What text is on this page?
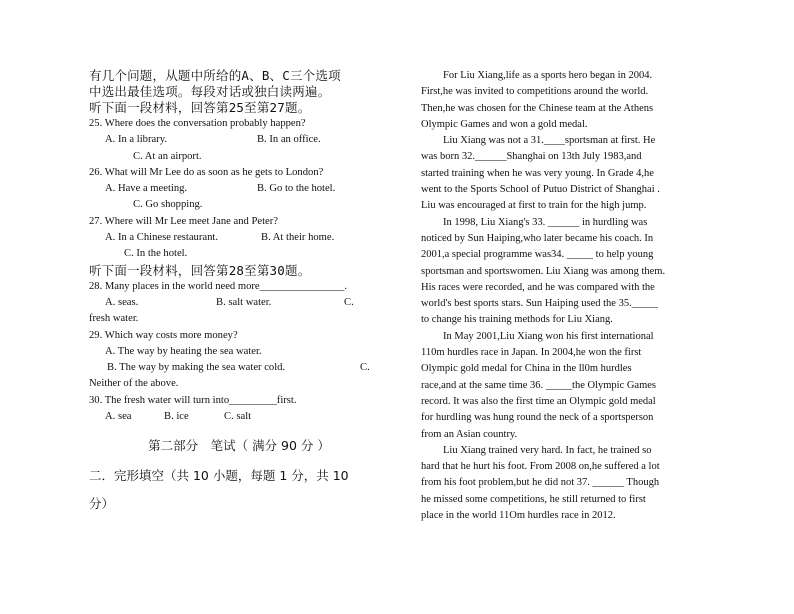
有几个问题，从题中所给的A、B、C三个选项
中选出最佳选项。每段对话或独白读两遍。
听下面一段材料，回答第25至第27题。
25. Where does the conversation probably happen?
A. In a library.	B. In an office.
C. At an airport.
26. What will Mr Lee do as soon as he gets to London?
A. Have a meeting.	B. Go to the hotel.
C. Go shopping.
27. Where will Mr Lee meet Jane and Peter?
A. In a Chinese restaurant.	B. At their home.
C. In the hotel.
听下面一段材料，回答第28至第30题。
28. Many places in the world need more________________.
A. seas.	B. salt water.	C.
fresh water.
29. Which way costs more money?
A. The way by heating the sea water.
B. The way by making the sea water cold.	C.
Neither of the above.
30. The fresh water will turn into_________first.
A. sea	B. ice	C. salt
第二部分　笔试（ 满分 90 分 ）
二．完形填空（共 10 小题，每题 1 分，共 10
分）
For Liu Xiang,life as a sports hero began in 2004.
First,he was invited to competitions around the world.
Then,he was chosen for the Chinese team at the Athens
Olympic Games and won a gold medal.
Liu Xiang was not a 31.____sportsman at first. He
was born 32.______Shanghai on 13th July 1983,and
started training when he was very young. In Grade 4,he
went to the Sports School of Putuo District of Shanghai .
Liu was encouraged at first to train for the high jump.
In 1998, Liu Xiang's 33. ______ in hurdling was
noticed by Sun Haiping,who later became his coach. In
2001,a special programme was34. _____ to help young
sportsman and sportswomen. Liu Xiang was among them.
His races were recorded, and he was compared with the
world's best sports stars. Sun Haiping used the 35._____
to change his training methods for Liu Xiang.
In May 2001,Liu Xiang won his first international
110m hurdles race in Japan. In 2004,he won the first
Olympic gold medal for China in the ll0m hurdles
race,and at the same time 36. _____the Olympic Games
record. It was also the first time an Olympic gold medal
for hurdling was hung round the neck of a sportsperson
from an Asian country.
Liu Xiang trained very hard. In fact, he trained so
hard that he hurt his foot. From 2008 on,he suffered a lot
from his foot problem,but he did not 37. ______ Though
he missed some competitions, he still returned to first
place in the world 11Om hurdles race in 2012.
